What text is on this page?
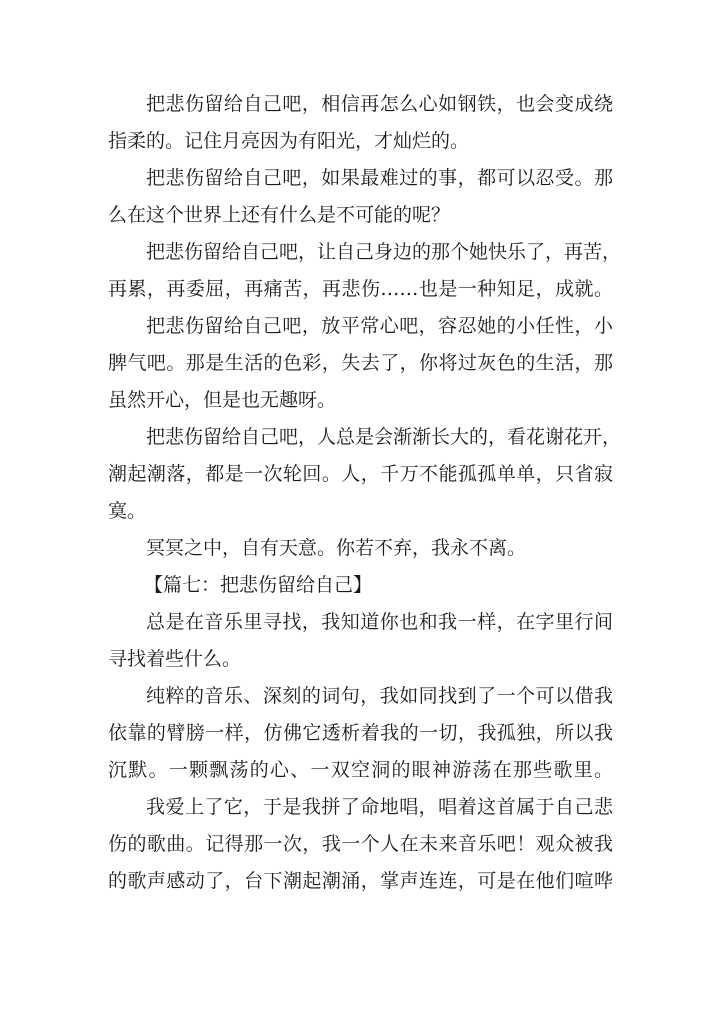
把悲伤留给自己吧，相信再怎么心如钢铁，也会变成绕
指柔的。记住月亮因为有阳光，才灿烂的。
把悲伤留给自己吧，如果最难过的事，都可以忍受。那
么在这个世界上还有什么是不可能的呢？
把悲伤留给自己吧，让自己身边的那个她快乐了，再苦，
再累，再委屈，再痛苦，再悲伤……也是一种知足，成就。
把悲伤留给自己吧，放平常心吧，容忍她的小任性，小
脾气吧。那是生活的色彩，失去了，你将过灰色的生活，那
虽然开心，但是也无趣呀。
把悲伤留给自己吧，人总是会渐渐长大的，看花谢花开，
潮起潮落，都是一次轮回。人，千万不能孤孤单单，只省寂
寞。
冥冥之中，自有天意。你若不弃，我永不离。
【篇七：把悲伤留给自己】
总是在音乐里寻找，我知道你也和我一样，在字里行间
寻找着些什么。
纯粹的音乐、深刻的词句，我如同找到了一个可以借我
依靠的臂膀一样，仿佛它透析着我的一切，我孤独，所以我
沉默。一颗飘荡的心、一双空洞的眼神游荡在那些歌里。
我爱上了它，于是我拼了命地唱，唱着这首属于自己悲
伤的歌曲。记得那一次，我一个人在未来音乐吧！观众被我
的歌声感动了，台下潮起潮涌，掌声连连，可是在他们喧哗
